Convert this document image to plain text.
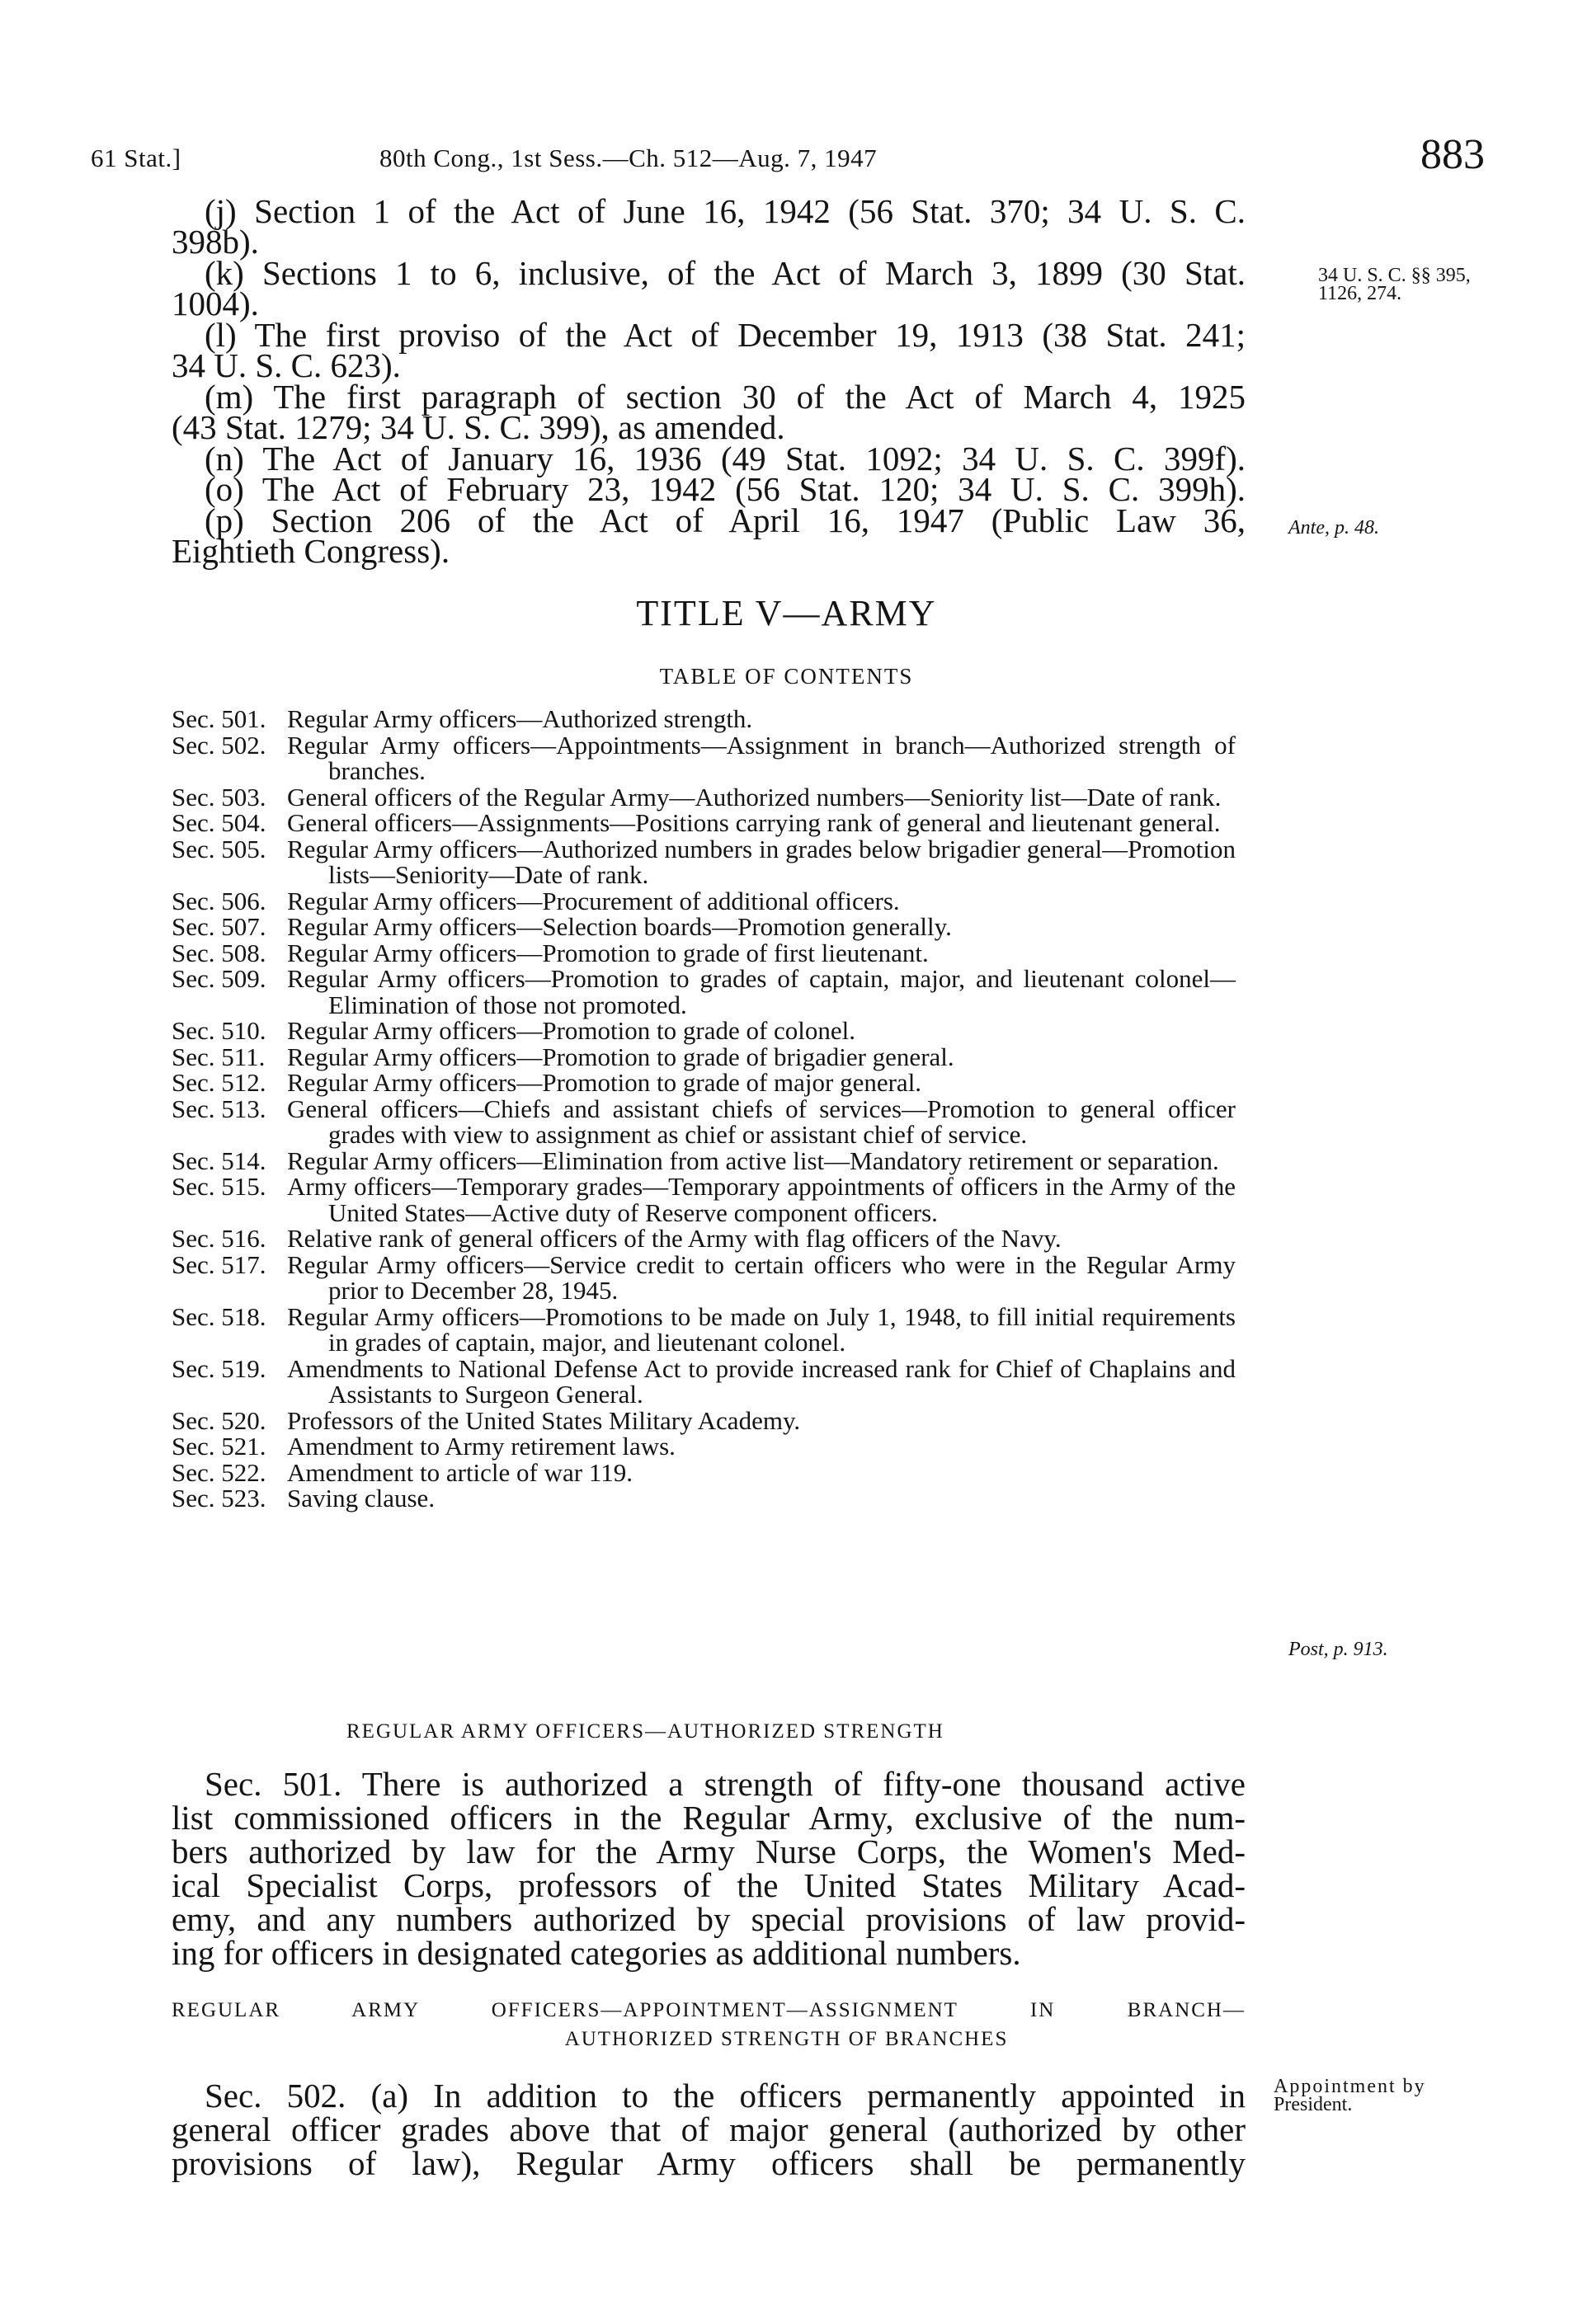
61 Stat.]	80th Cong., 1st Sess.—Ch. 512—Aug. 7, 1947	883
(j) Section 1 of the Act of June 16, 1942 (56 Stat. 370; 34 U. S. C.
398b).
(k) Sections 1 to 6, inclusive, of the Act of March 3, 1899 (30 Stat.
1004).
(l) The first proviso of the Act of December 19, 1913 (38 Stat. 241;
34 U. S. C. 623).
(m) The first paragraph of section 30 of the Act of March 4, 1925
(43 Stat. 1279; 34 U. S. C. 399), as amended.
(n) The Act of January 16, 1936 (49 Stat. 1092; 34 U. S. C. 399f).
(o) The Act of February 23, 1942 (56 Stat. 120; 34 U. S. C. 399h).
(p) Section 206 of the Act of April 16, 1947 (Public Law 36,
Eightieth Congress).
34 U. S. C. §§ 395,
1126, 274.
Ante, p. 48.
Post, p. 913.
Appointment by
President.
TITLE V—ARMY
TABLE OF CONTENTS
Sec. 501. Regular Army officers—Authorized strength.
Sec. 502. Regular Army officers—Appointments—Assignment in branch—Authorized strength of branches.
Sec. 503. General officers of the Regular Army—Authorized numbers—Seniority list—Date of rank.
Sec. 504. General officers—Assignments—Positions carrying rank of general and lieutenant general.
Sec. 505. Regular Army officers—Authorized numbers in grades below brigadier general—Promotion lists—Seniority—Date of rank.
Sec. 506. Regular Army officers—Procurement of additional officers.
Sec. 507. Regular Army officers—Selection boards—Promotion generally.
Sec. 508. Regular Army officers—Promotion to grade of first lieutenant.
Sec. 509. Regular Army officers—Promotion to grades of captain, major, and lieutenant colonel—Elimination of those not promoted.
Sec. 510. Regular Army officers—Promotion to grade of colonel.
Sec. 511. Regular Army officers—Promotion to grade of brigadier general.
Sec. 512. Regular Army officers—Promotion to grade of major general.
Sec. 513. General officers—Chiefs and assistant chiefs of services—Promotion to general officer grades with view to assignment as chief or assistant chief of service.
Sec. 514. Regular Army officers—Elimination from active list—Mandatory retirement or separation.
Sec. 515. Army officers—Temporary grades—Temporary appointments of officers in the Army of the United States—Active duty of Reserve component officers.
Sec. 516. Relative rank of general officers of the Army with flag officers of the Navy.
Sec. 517. Regular Army officers—Service credit to certain officers who were in the Regular Army prior to December 28, 1945.
Sec. 518. Regular Army officers—Promotions to be made on July 1, 1948, to fill initial requirements in grades of captain, major, and lieutenant colonel.
Sec. 519. Amendments to National Defense Act to provide increased rank for Chief of Chaplains and Assistants to Surgeon General.
Sec. 520. Professors of the United States Military Academy.
Sec. 521. Amendment to Army retirement laws.
Sec. 522. Amendment to article of war 119.
Sec. 523. Saving clause.
REGULAR ARMY OFFICERS—AUTHORIZED STRENGTH
Sec. 501. There is authorized a strength of fifty-one thousand active
list commissioned officers in the Regular Army, exclusive of the num-
bers authorized by law for the Army Nurse Corps, the Women's Med-
ical Specialist Corps, professors of the United States Military Acad-
emy, and any numbers authorized by special provisions of law provid-
ing for officers in designated categories as additional numbers.
REGULAR ARMY OFFICERS—APPOINTMENT—ASSIGNMENT IN BRANCH—
AUTHORIZED STRENGTH OF BRANCHES
Sec. 502. (a) In addition to the officers permanently appointed in
general officer grades above that of major general (authorized by other
provisions of law), Regular Army officers shall be permanently
